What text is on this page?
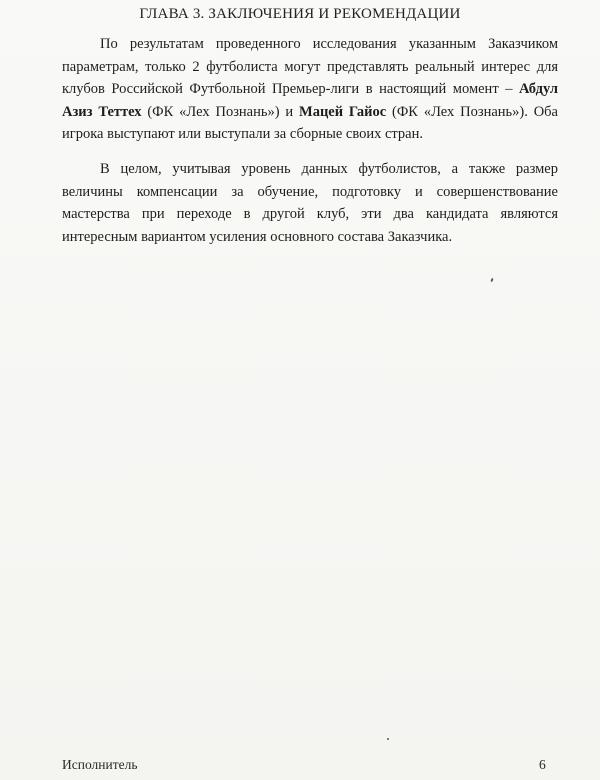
ГЛАВА 3. ЗАКЛЮЧЕНИЯ И РЕКОМЕНДАЦИИ
По результатам проведенного исследования указанным Заказчиком параметрам, только 2 футболиста могут представлять реальный интерес для клубов Российской Футбольной Премьер-лиги в настоящий момент – Абдул Азиз Теттех (ФК «Лех Познань») и Мацей Гайос (ФК «Лех Познань»). Оба игрока выступают или выступали за сборные своих стран.
В целом, учитывая уровень данных футболистов, а также размер величины компенсации за обучение, подготовку и совершенствование мастерства при переходе в другой клуб, эти два кандидата являются интересным вариантом усиления основного состава Заказчика.
Исполнитель	6
